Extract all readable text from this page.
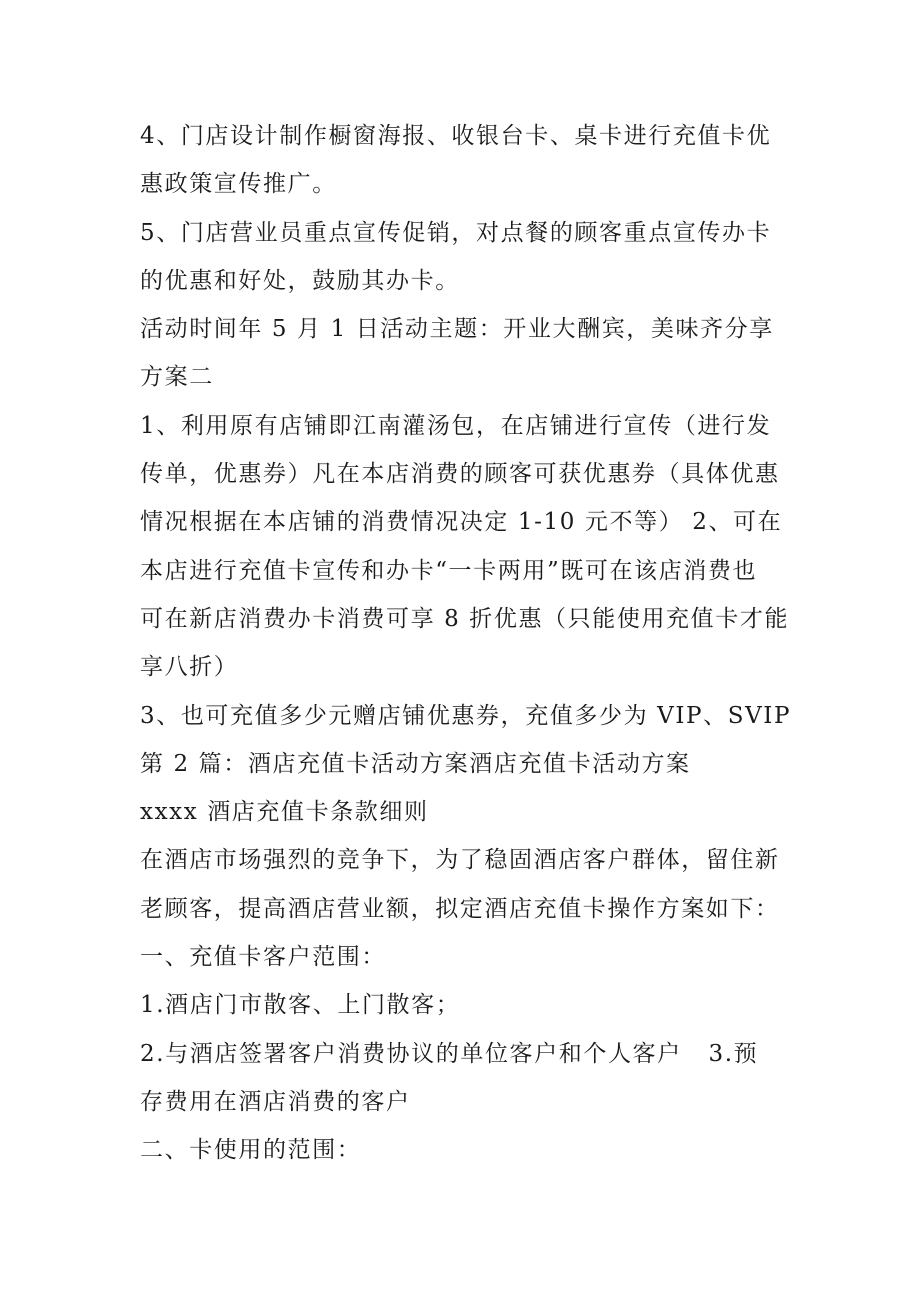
4、门店设计制作橱窗海报、收银台卡、桌卡进行充值卡优

惠政策宣传推广。

5、门店营业员重点宣传促销，对点餐的顾客重点宣传办卡

的优惠和好处，鼓励其办卡。

活动时间年 5 月 1 日活动主题：开业大酬宾，美味齐分享

方案二

1、利用原有店铺即江南灌汤包，在店铺进行宣传（进行发

传单，优惠券）凡在本店消费的顾客可获优惠券（具体优惠

情况根据在本店铺的消费情况决定 1-10 元不等） 2、可在

本店进行充值卡宣传和办卡“一卡两用”既可在该店消费也

可在新店消费办卡消费可享 8 折优惠（只能使用充值卡才能

享八折）

3、也可充值多少元赠店铺优惠券，充值多少为 VIP、SVIP

第 2 篇：酒店充值卡活动方案酒店充值卡活动方案

xxxx 酒店充值卡条款细则

在酒店市场强烈的竞争下，为了稳固酒店客户群体，留住新

老顾客，提高酒店营业额，拟定酒店充值卡操作方案如下：

一、充值卡客户范围：

1.酒店门市散客、上门散客；

2.与酒店签署客户消费协议的单位客户和个人客户   3.预

存费用在酒店消费的客户

二、卡使用的范围：
